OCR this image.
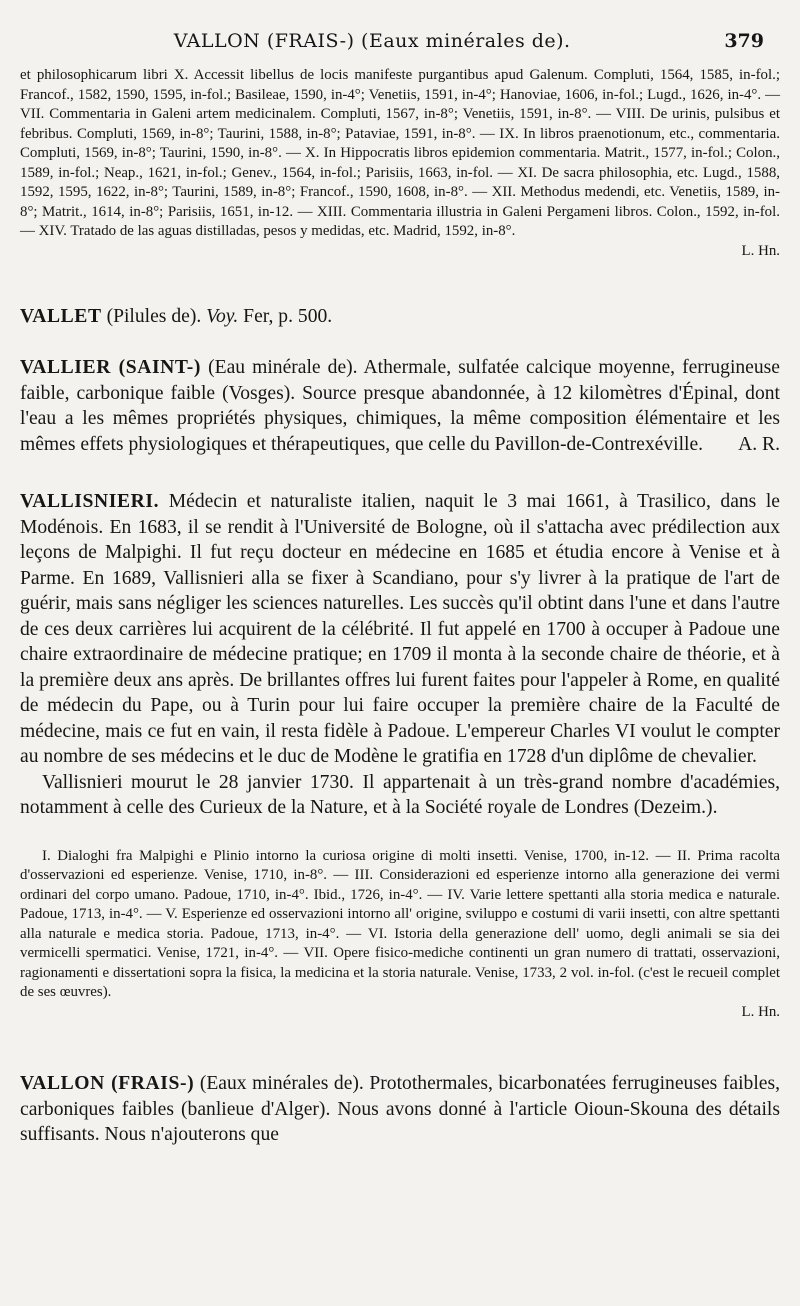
VALLON (FRAIS-) (Eaux minérales de).	379

et philosophicarum libri X. Accessit libellus de locis manifeste purgantibus apud Galenum. Compluti, 1564, 1585, in-fol.; Francof., 1582, 1590, 1595, in-fol.; Basileae, 1590, in-4°; Venetiis, 1591, in-4°; Hanoviae, 1606, in-fol.; Lugd., 1626, in-4°. — VII. Commentaria in Galeni artem medicinalem. Compluti, 1567, in-8°; Venetiis, 1591, in-8°. — VIII. De urinis, pulsibus et febribus. Compluti, 1569, in-8°; Taurini, 1588, in-8°; Pataviae, 1591, in-8°. — IX. In libros praenotionum, etc., commentaria. Compluti, 1569, in-8°; Taurini, 1590, in-8°. — X. In Hippocratis libros epidemion commentaria. Matrit., 1577, in-fol.; Colon., 1589, in-fol.; Neap., 1621, in-fol.; Genev., 1564, in-fol.; Parisiis, 1663, in-fol. — XI. De sacra philosophia, etc. Lugd., 1588, 1592, 1595, 1622, in-8°; Taurini, 1589, in-8°; Francof., 1590, 1608, in-8°. — XII. Methodus medendi, etc. Venetiis, 1589, in-8°; Matrit., 1614, in-8°; Parisiis, 1651, in-12. — XIII. Commentaria illustria in Galeni Pergameni libros. Colon., 1592, in-fol. — XIV. Tratado de las aguas distilladas, pesos y medidas, etc. Madrid, 1592, in-8°.

L. Hn.

VALLET (Pilules de). Voy. Fer, p. 500.

VALLIER (SAINT-) (Eau minérale de). Athermale, sulfatée calcique moyenne, ferrugineuse faible, carbonique faible (Vosges). Source presque abandonnée, à 12 kilomètres d'Épinal, dont l'eau a les mêmes propriétés physiques, chimiques, la même composition élémentaire et les mêmes effets physiologiques et thérapeutiques, que celle du Pavillon-de-Contrexéville. A. R.

VALLISNIERI. Médecin et naturaliste italien, naquit le 3 mai 1661, à Trasilico, dans le Modénois. En 1683, il se rendit à l'Université de Bologne, où il s'attacha avec prédilection aux leçons de Malpighi. Il fut reçu docteur en médecine en 1685 et étudia encore à Venise et à Parme. En 1689, Vallisnieri alla se fixer à Scandiano, pour s'y livrer à la pratique de l'art de guérir, mais sans négliger les sciences naturelles. Les succès qu'il obtint dans l'une et dans l'autre de ces deux carrières lui acquirent de la célébrité. Il fut appelé en 1700 à occuper à Padoue une chaire extraordinaire de médecine pratique; en 1709 il monta à la seconde chaire de théorie, et à la première deux ans après. De brillantes offres lui furent faites pour l'appeler à Rome, en qualité de médecin du Pape, ou à Turin pour lui faire occuper la première chaire de la Faculté de médecine, mais ce fut en vain, il resta fidèle à Padoue. L'empereur Charles VI voulut le compter au nombre de ses médecins et le duc de Modène le gratifia en 1728 d'un diplôme de chevalier.

Vallisnieri mourut le 28 janvier 1730. Il appartenait à un très-grand nombre d'académies, notamment à celle des Curieux de la Nature, et à la Société royale de Londres (Dezeim.).

I. Dialoghi fra Malpighi e Plinio intorno la curiosa origine di molti insetti. Venise, 1700, in-12. — II. Prima racolta d'osservazioni ed esperienze. Venise, 1710, in-8°. — III. Considerazioni ed esperienze intorno alla generazione dei vermi ordinari del corpo umano. Padoue, 1710, in-4°. Ibid., 1726, in-4°. — IV. Varie lettere spettanti alla storia medica e naturale. Padoue, 1713, in-4°. — V. Esperienze ed osservazioni intorno all' origine, sviluppo e costumi di varii insetti, con altre spettanti alla naturale e medica storia. Padoue, 1713, in-4°. — VI. Istoria della generazione dell' uomo, degli animali se sia dei vermicelli spermatici. Venise, 1721, in-4°. — VII. Opere fisico-mediche continenti un gran numero di trattati, osservazioni, ragionamenti e dissertationi sopra la fisica, la medicina et la storia naturale. Venise, 1733, 2 vol. in-fol. (c'est le recueil complet de ses œuvres).

L. Hn.

VALLON (FRAIS-) (Eaux minérales de). Protothermales, bicarbonatées ferrugineuses faibles, carboniques faibles (banlieue d'Alger). Nous avons donné à l'article Oioun-Skouna des détails suffisants. Nous n'ajouterons que
